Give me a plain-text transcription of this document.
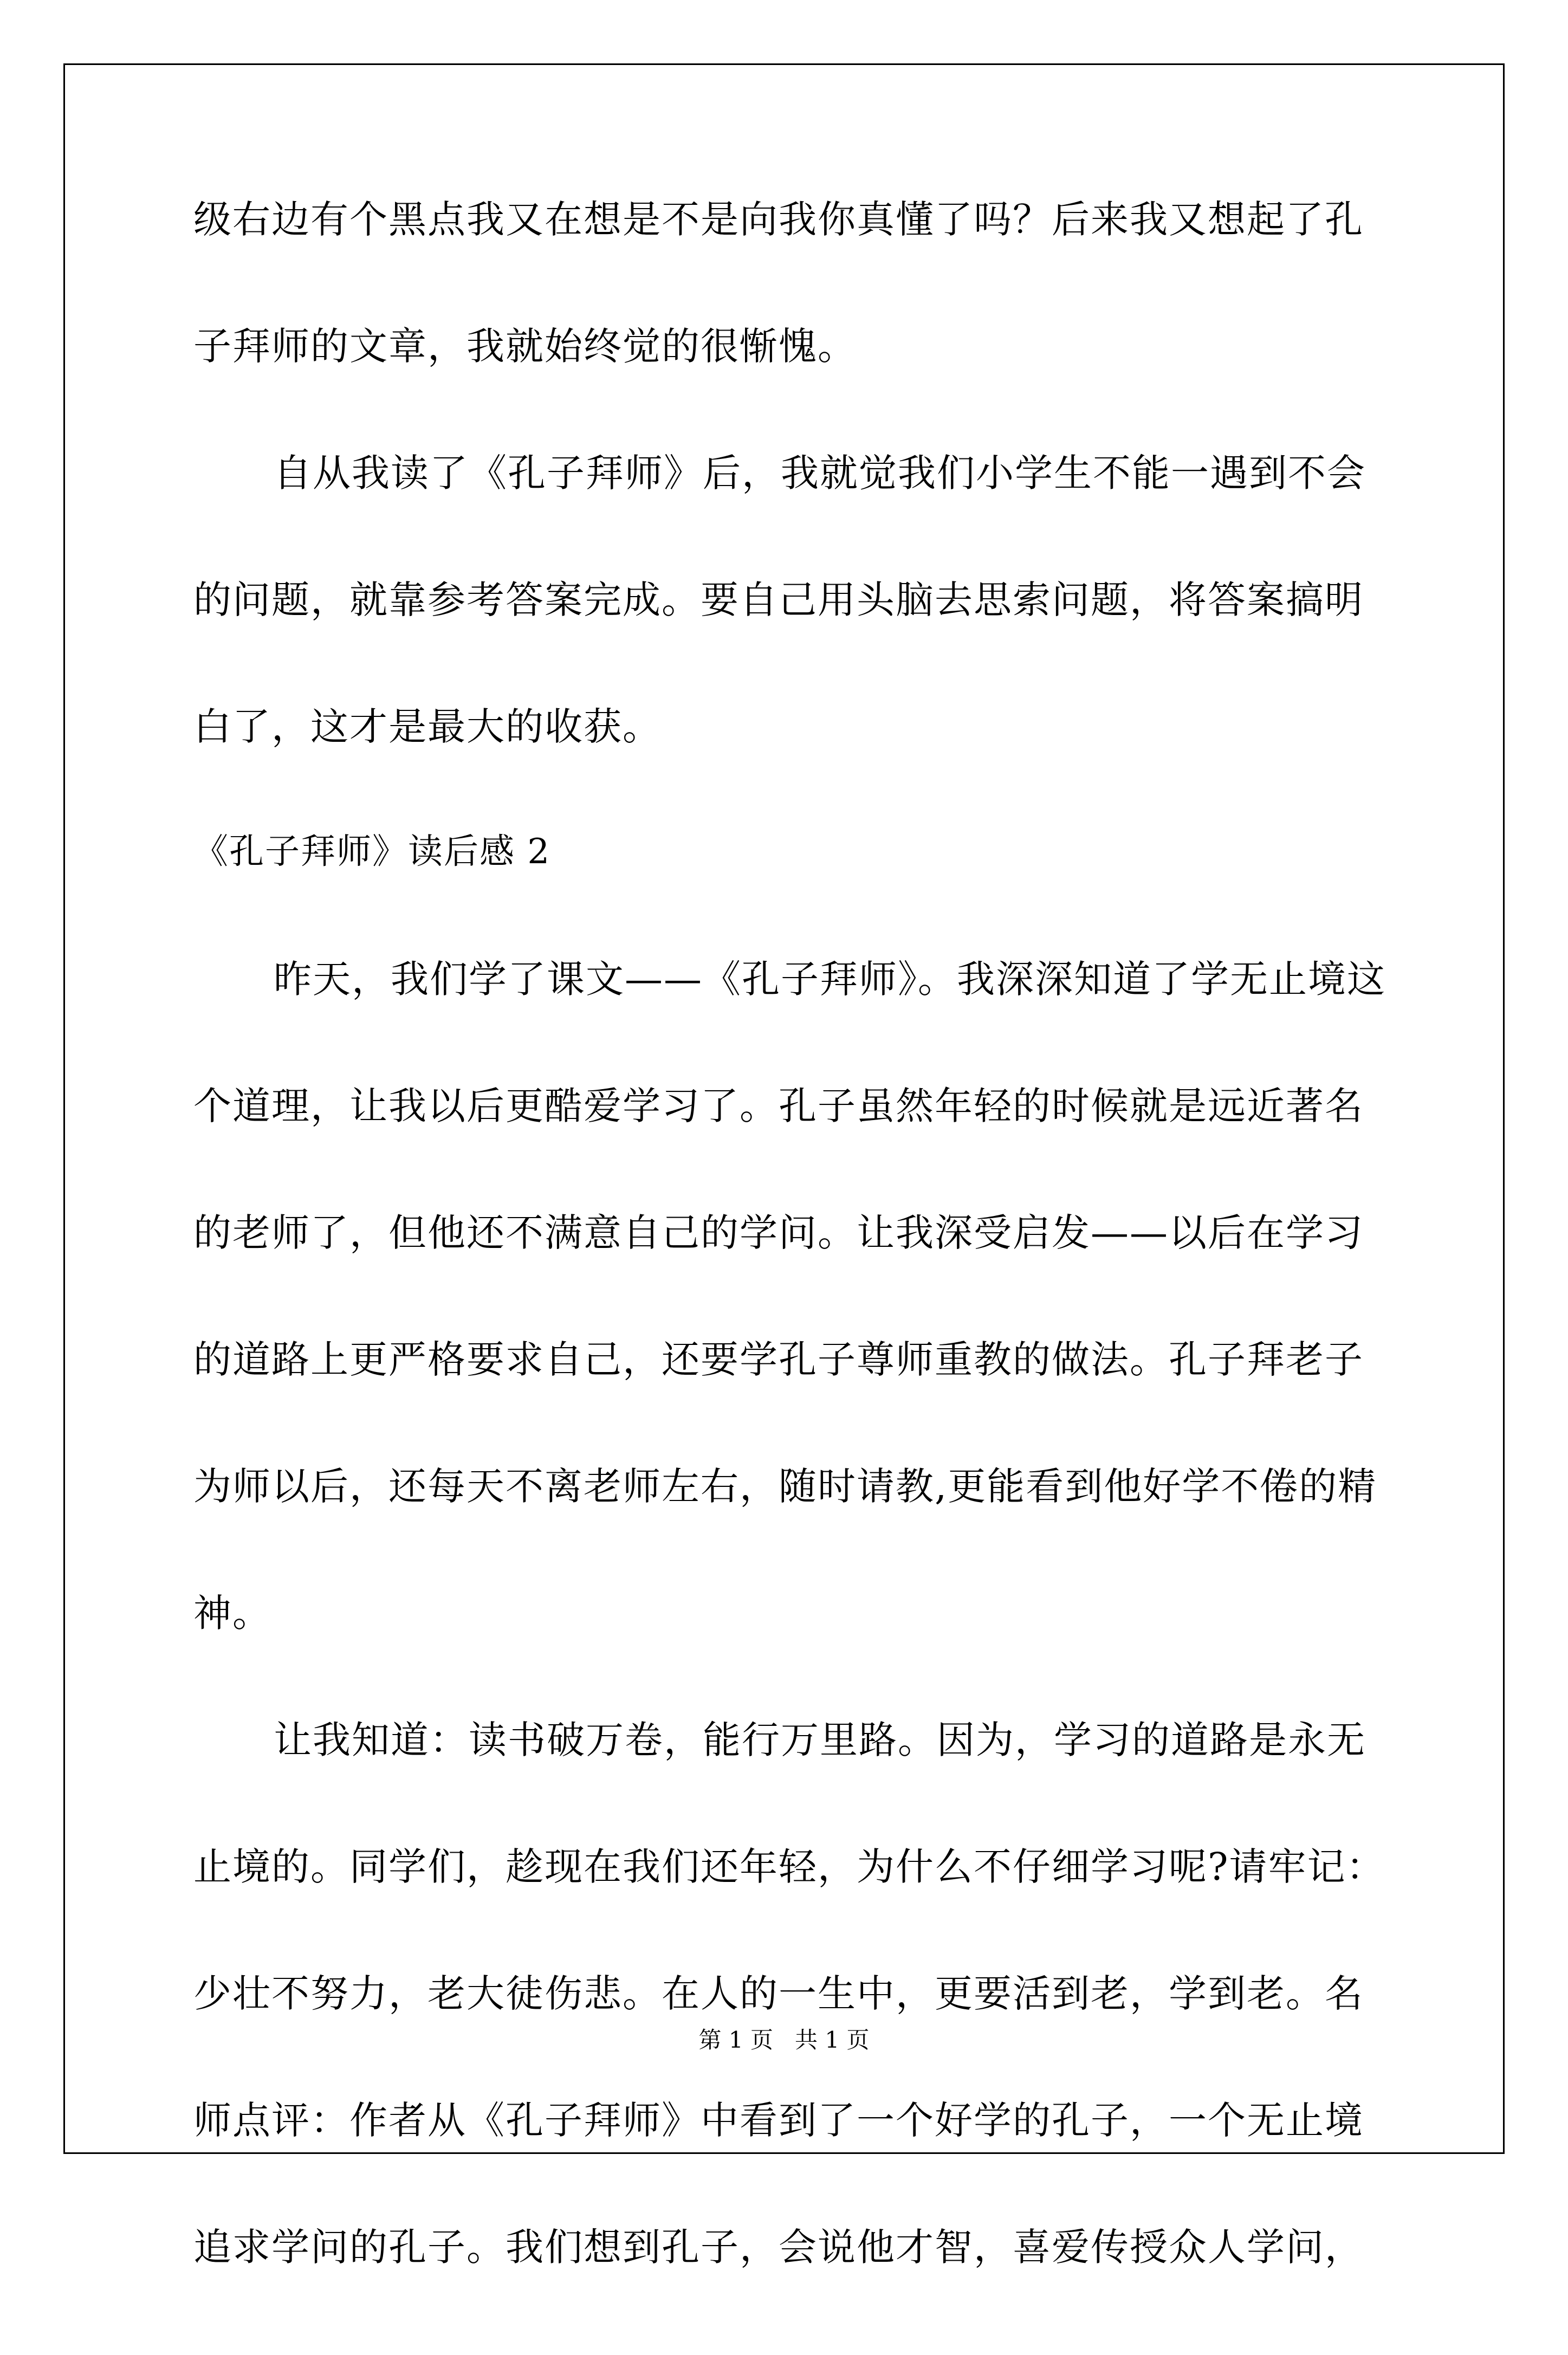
级右边有个黑点我又在想是不是向我你真懂了吗？后来我又想起了孔
子拜师的文章，我就始终觉的很惭愧。
自从我读了《孔子拜师》后，我就觉我们小学生不能一遇到不会
的问题，就靠参考答案完成。要自己用头脑去思索问题，将答案搞明
白了，这才是最大的收获。
《孔子拜师》读后感 2
昨天，我们学了课文——《孔子拜师》。我深深知道了学无止境这
个道理，让我以后更酷爱学习了。孔子虽然年轻的时候就是远近著名
的老师了，但他还不满意自己的学问。让我深受启发——以后在学习
的道路上更严格要求自己，还要学孔子尊师重教的做法。孔子拜老子
为师以后，还每天不离老师左右，随时请教,更能看到他好学不倦的精
神。
让我知道：读书破万卷，能行万里路。因为，学习的道路是永无
止境的。同学们，趁现在我们还年轻，为什么不仔细学习呢?请牢记：
少壮不努力，老大徒伤悲。在人的一生中，更要活到老，学到老。名
师点评：作者从《孔子拜师》中看到了一个好学的孔子，一个无止境
追求学问的孔子。我们想到孔子，会说他才智，喜爱传授众人学问，
第 1 页   共 1 页
